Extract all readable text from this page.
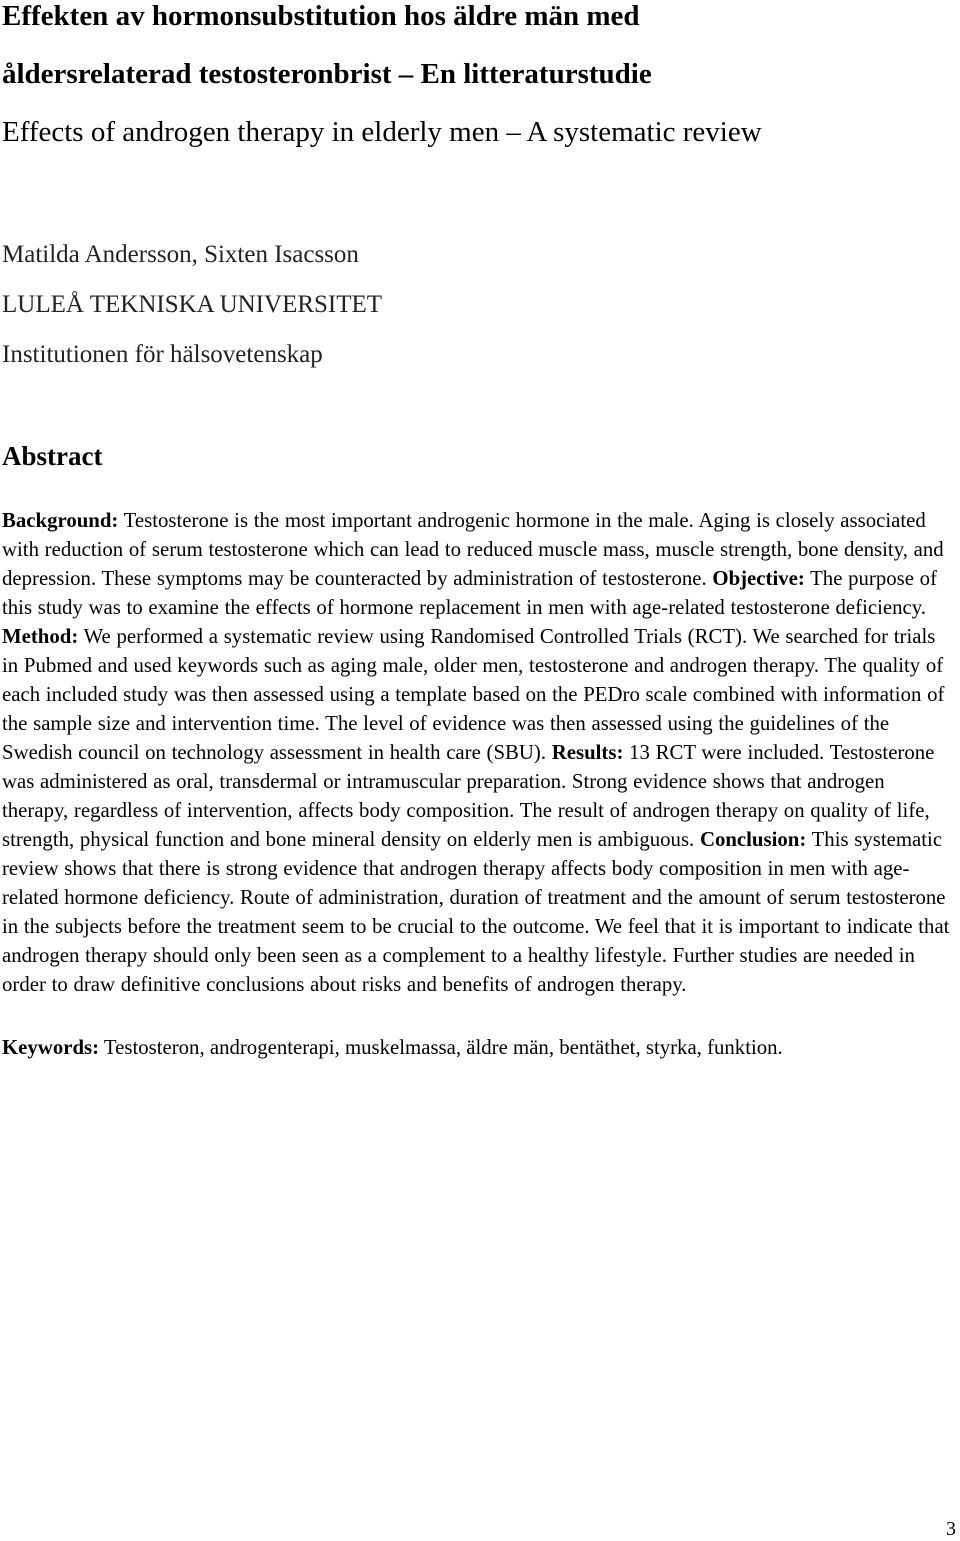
Effekten av hormonsubstitution hos äldre män med
åldersrelaterad testosteronbrist – En litteraturstudie
Effects of androgen therapy in elderly men – A systematic review
Matilda Andersson, Sixten Isacsson
LULEÅ TEKNISKA UNIVERSITET
Institutionen för hälsovetenskap
Abstract
Background: Testosterone is the most important androgenic hormone in the male. Aging is closely associated with reduction of serum testosterone which can lead to reduced muscle mass, muscle strength, bone density, and depression. These symptoms may be counteracted by administration of testosterone. Objective: The purpose of this study was to examine the effects of hormone replacement in men with age-related testosterone deficiency. Method: We performed a systematic review using Randomised Controlled Trials (RCT). We searched for trials in Pubmed and used keywords such as aging male, older men, testosterone and androgen therapy. The quality of each included study was then assessed using a template based on the PEDro scale combined with information of the sample size and intervention time. The level of evidence was then assessed using the guidelines of the Swedish council on technology assessment in health care (SBU). Results: 13 RCT were included. Testosterone was administered as oral, transdermal or intramuscular preparation. Strong evidence shows that androgen therapy, regardless of intervention, affects body composition. The result of androgen therapy on quality of life, strength, physical function and bone mineral density on elderly men is ambiguous. Conclusion: This systematic review shows that there is strong evidence that androgen therapy affects body composition in men with age-related hormone deficiency. Route of administration, duration of treatment and the amount of serum testosterone in the subjects before the treatment seem to be crucial to the outcome. We feel that it is important to indicate that androgen therapy should only been seen as a complement to a healthy lifestyle. Further studies are needed in order to draw definitive conclusions about risks and benefits of androgen therapy.
Keywords: Testosteron, androgenterapi, muskelmassa, äldre män, bentäthet, styrka, funktion.
3
